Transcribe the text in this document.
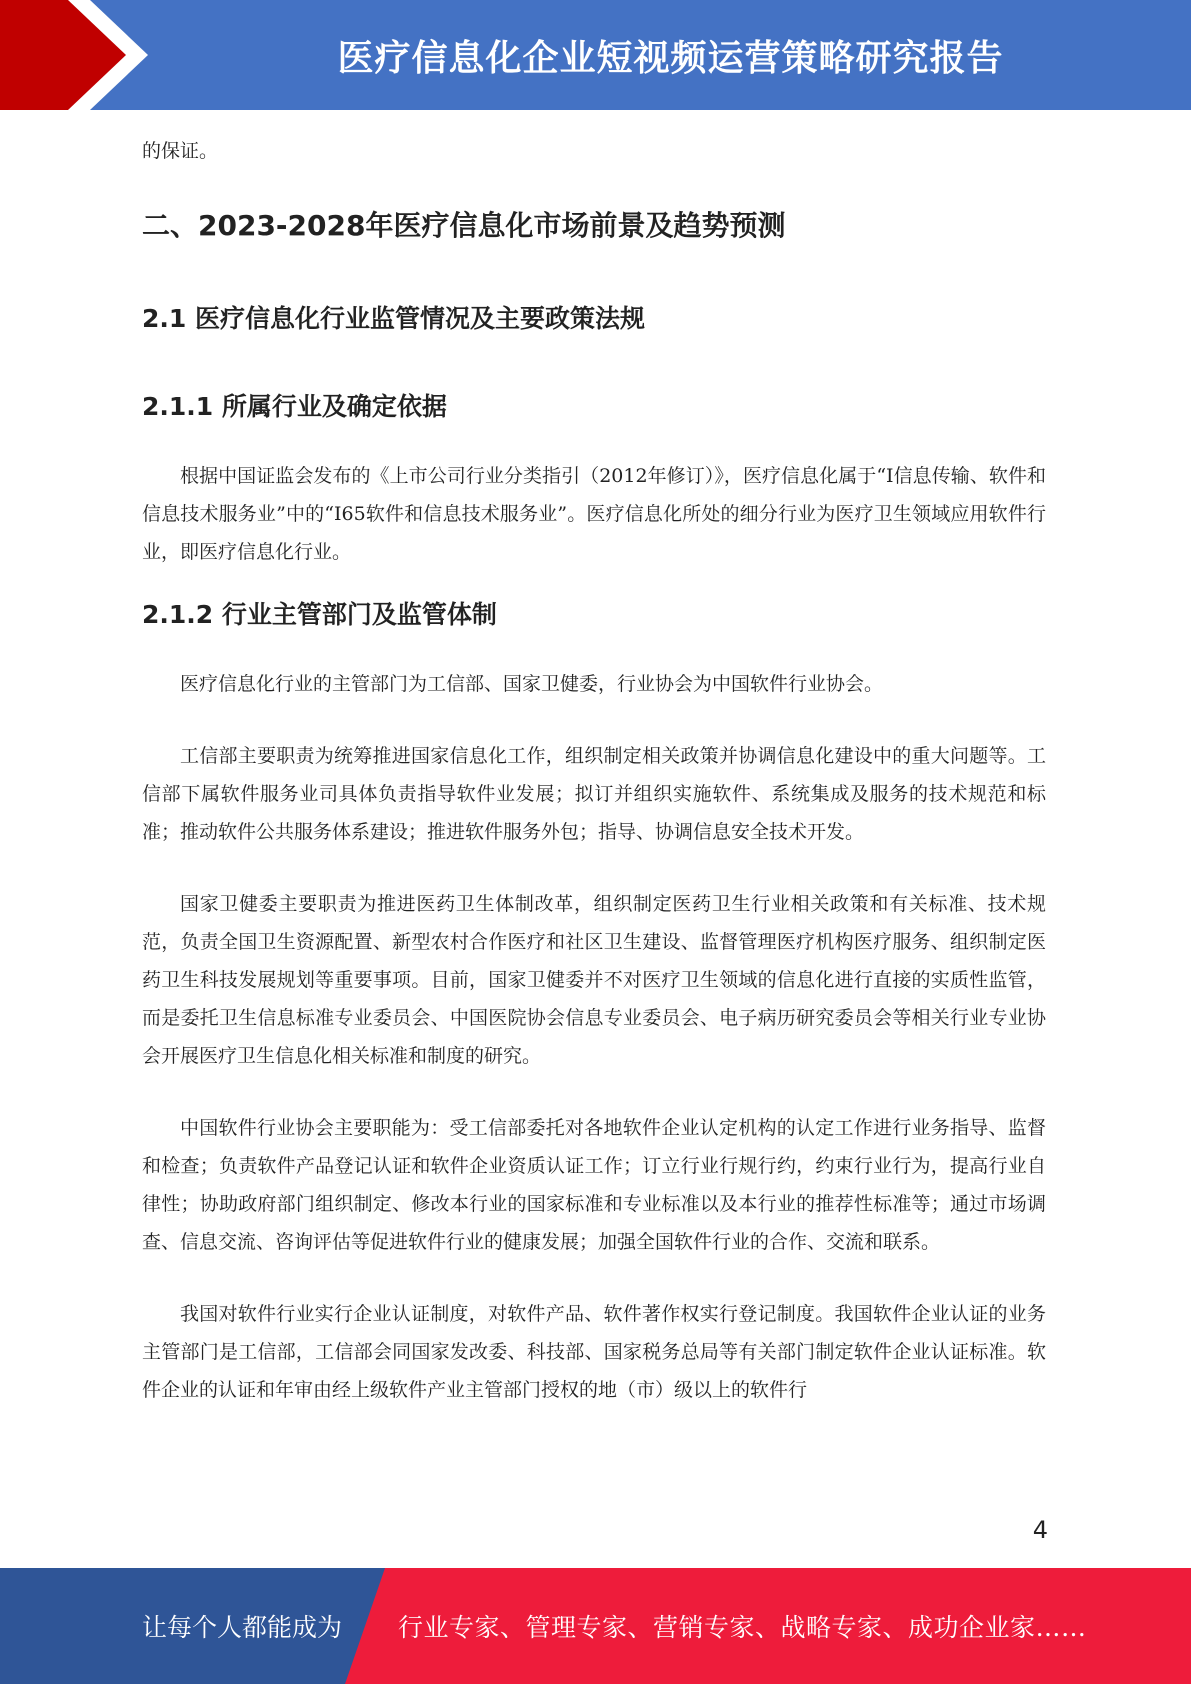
医疗信息化企业短视频运营策略研究报告

的保证。

二、2023-2028年医疗信息化市场前景及趋势预测
2.1 医疗信息化行业监管情况及主要政策法规
2.1.1 所属行业及确定依据

根据中国证监会发布的《上市公司行业分类指引（2012年修订）》，医疗信息化属于“I信息传输、软件和信息技术服务业”中的“I65软件和信息技术服务业”。医疗信息化所处的细分行业为医疗卫生领域应用软件行业，即医疗信息化行业。

2.1.2 行业主管部门及监管体制

医疗信息化行业的主管部门为工信部、国家卫健委，行业协会为中国软件行业协会。

工信部主要职责为统筹推进国家信息化工作，组织制定相关政策并协调信息化建设中的重大问题等。工信部下属软件服务业司具体负责指导软件业发展；拟订并组织实施软件、系统集成及服务的技术规范和标准；推动软件公共服务体系建设；推进软件服务外包；指导、协调信息安全技术开发。

国家卫健委主要职责为推进医药卫生体制改革，组织制定医药卫生行业相关政策和有关标准、技术规范，负责全国卫生资源配置、新型农村合作医疗和社区卫生建设、监督管理医疗机构医疗服务、组织制定医药卫生科技发展规划等重要事项。目前，国家卫健委并不对医疗卫生领域的信息化进行直接的实质性监管，而是委托卫生信息标准专业委员会、中国医院协会信息专业委员会、电子病历研究委员会等相关行业专业协会开展医疗卫生信息化相关标准和制度的研究。

中国软件行业协会主要职能为：受工信部委托对各地软件企业认定机构的认定工作进行业务指导、监督和检查；负责软件产品登记认证和软件企业资质认证工作；订立行业行规行约，约束行业行为，提高行业自律性；协助政府部门组织制定、修改本行业的国家标准和专业标准以及本行业的推荐性标准等；通过市场调查、信息交流、咨询评估等促进软件行业的健康发展；加强全国软件行业的合作、交流和联系。

我国对软件行业实行企业认证制度，对软件产品、软件著作权实行登记制度。我国软件企业认证的业务主管部门是工信部，工信部会同国家发改委、科技部、国家税务总局等有关部门制定软件企业认证标准。软件企业的认证和年审由经上级软件产业主管部门授权的地（市）级以上的软件行

4
让每个人都能成为 行业专家、管理专家、营销专家、战略专家、成功企业家……
